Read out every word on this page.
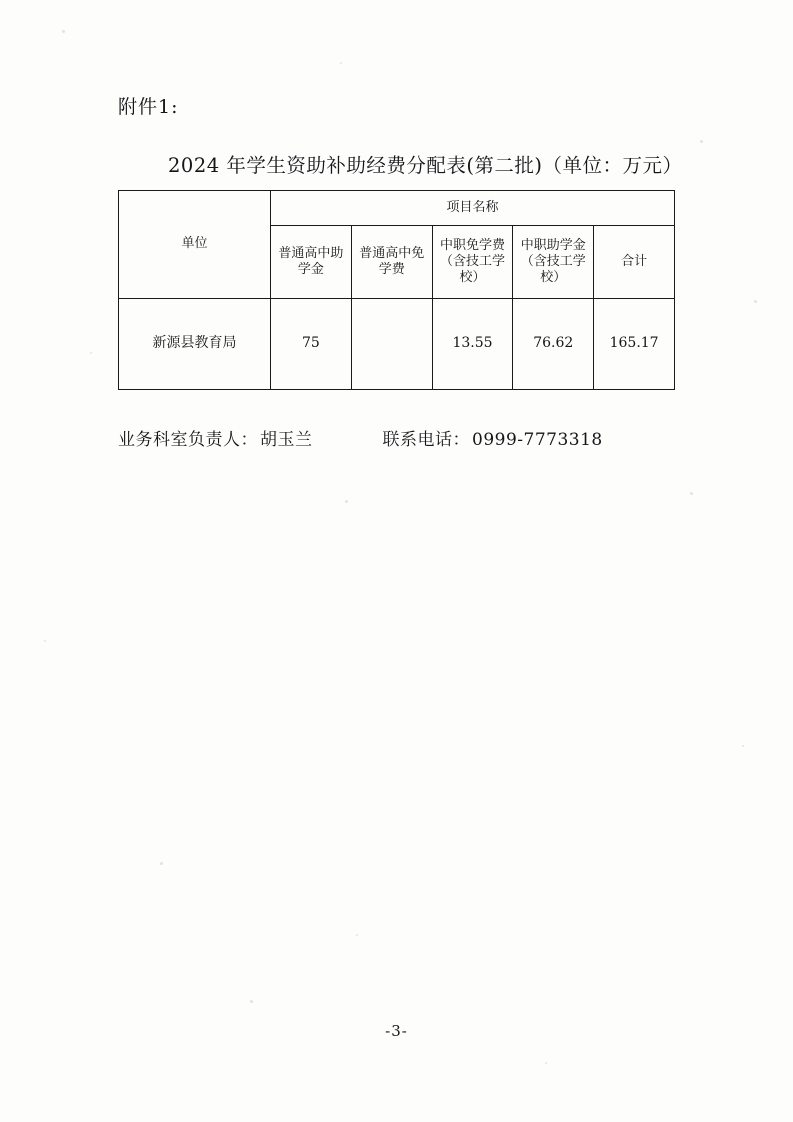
附件1:
2024 年学生资助补助经费分配表(第二批)（单位：万元）
单位	项目名称				
	普通高中助学金	普通高中免学费	中职免学费（含技工学校）	中职助学金（含技工学校）	合计
新源县教育局	75		13.55	76.62	165.17
业务科室负责人： 胡玉兰	联系电话： 0999-7773318
-3-
